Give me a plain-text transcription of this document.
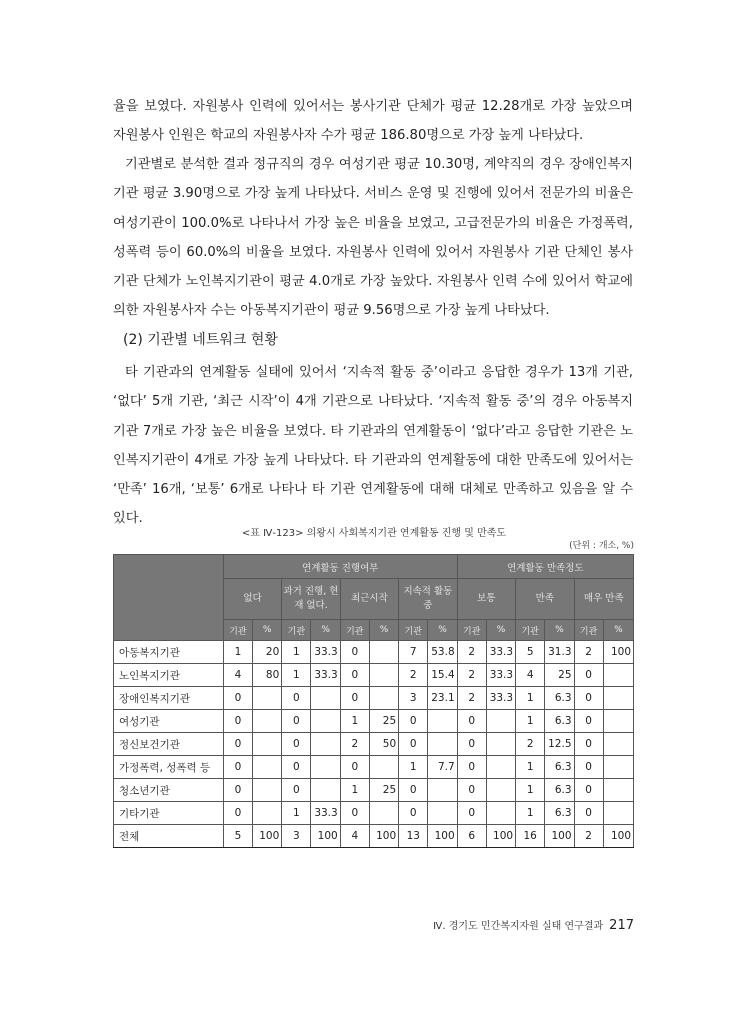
율을 보였다. 자원봉사 인력에 있어서는 봉사기관 단체가 평균 12.28개로 가장 높았으며 자원봉사 인원은 학교의 자원봉사자 수가 평균 186.80명으로 가장 높게 나타났다.

기관별로 분석한 결과 정규직의 경우 여성기관 평균 10.30명, 계약직의 경우 장애인복지기관 평균 3.90명으로 가장 높게 나타났다. 서비스 운영 및 진행에 있어서 전문가의 비율은 여성기관이 100.0%로 나타나서 가장 높은 비율을 보였고, 고급전문가의 비율은 가정폭력, 성폭력 등이 60.0%의 비율을 보였다. 자원봉사 인력에 있어서 자원봉사 기관 단체인 봉사기관 단체가 노인복지기관이 평균 4.0개로 가장 높았다. 자원봉사 인력 수에 있어서 학교에 의한 자원봉사자 수는 아동복지기관이 평균 9.56명으로 가장 높게 나타났다.

(2) 기관별 네트워크 현황

타 기관과의 연계활동 실태에 있어서 ‘지속적 활동 중’이라고 응답한 경우가 13개 기관, ‘없다’ 5개 기관, ‘최근 시작’이 4개 기관으로 나타났다. ‘지속적 활동 중’의 경우 아동복지기관 7개로 가장 높은 비율을 보였다. 타 기관과의 연계활동이 ‘없다’라고 응답한 기관은 노인복지기관이 4개로 가장 높게 나타났다. 타 기관과의 연계활동에 대한 만족도에 있어서는 ‘만족’ 16개, ‘보통’ 6개로 나타나 타 기관 연계활동에 대해 대체로 만족하고 있음을 알 수 있다.

<표 Ⅳ-123> 의왕시 사회복지기관 연계활동 진행 및 만족도
(단위 : 개소, %)
	연계활동 진행여부								연계활동 만족정도					
	없다		과거 진행, 현재 없다.		최근시작		지속적 활동 중		보통		만족		매우 만족	
	기관	%	기관	%	기관	%	기관	%	기관	%	기관	%	기관	%
아동복지기관	1	20	1	33.3	0		7	53.8	2	33.3	5	31.3	2	100
노인복지기관	4	80	1	33.3	0		2	15.4	2	33.3	4	25	0	
장애인복지기관	0		0		0		3	23.1	2	33.3	1	6.3	0	
여성기관	0		0		1	25	0		0		1	6.3	0	
정신보건기관	0		0		2	50	0		0		2	12.5	0	
가정폭력, 성폭력 등	0		0		0		1	7.7	0		1	6.3	0	
청소년기관	0		0		1	25	0		0		1	6.3	0	
기타기관	0		1	33.3	0		0		0		1	6.3	0	
전체	5	100	3	100	4	100	13	100	6	100	16	100	2	100
Ⅳ. 경기도 민간복지자원 실태 연구결과 217
